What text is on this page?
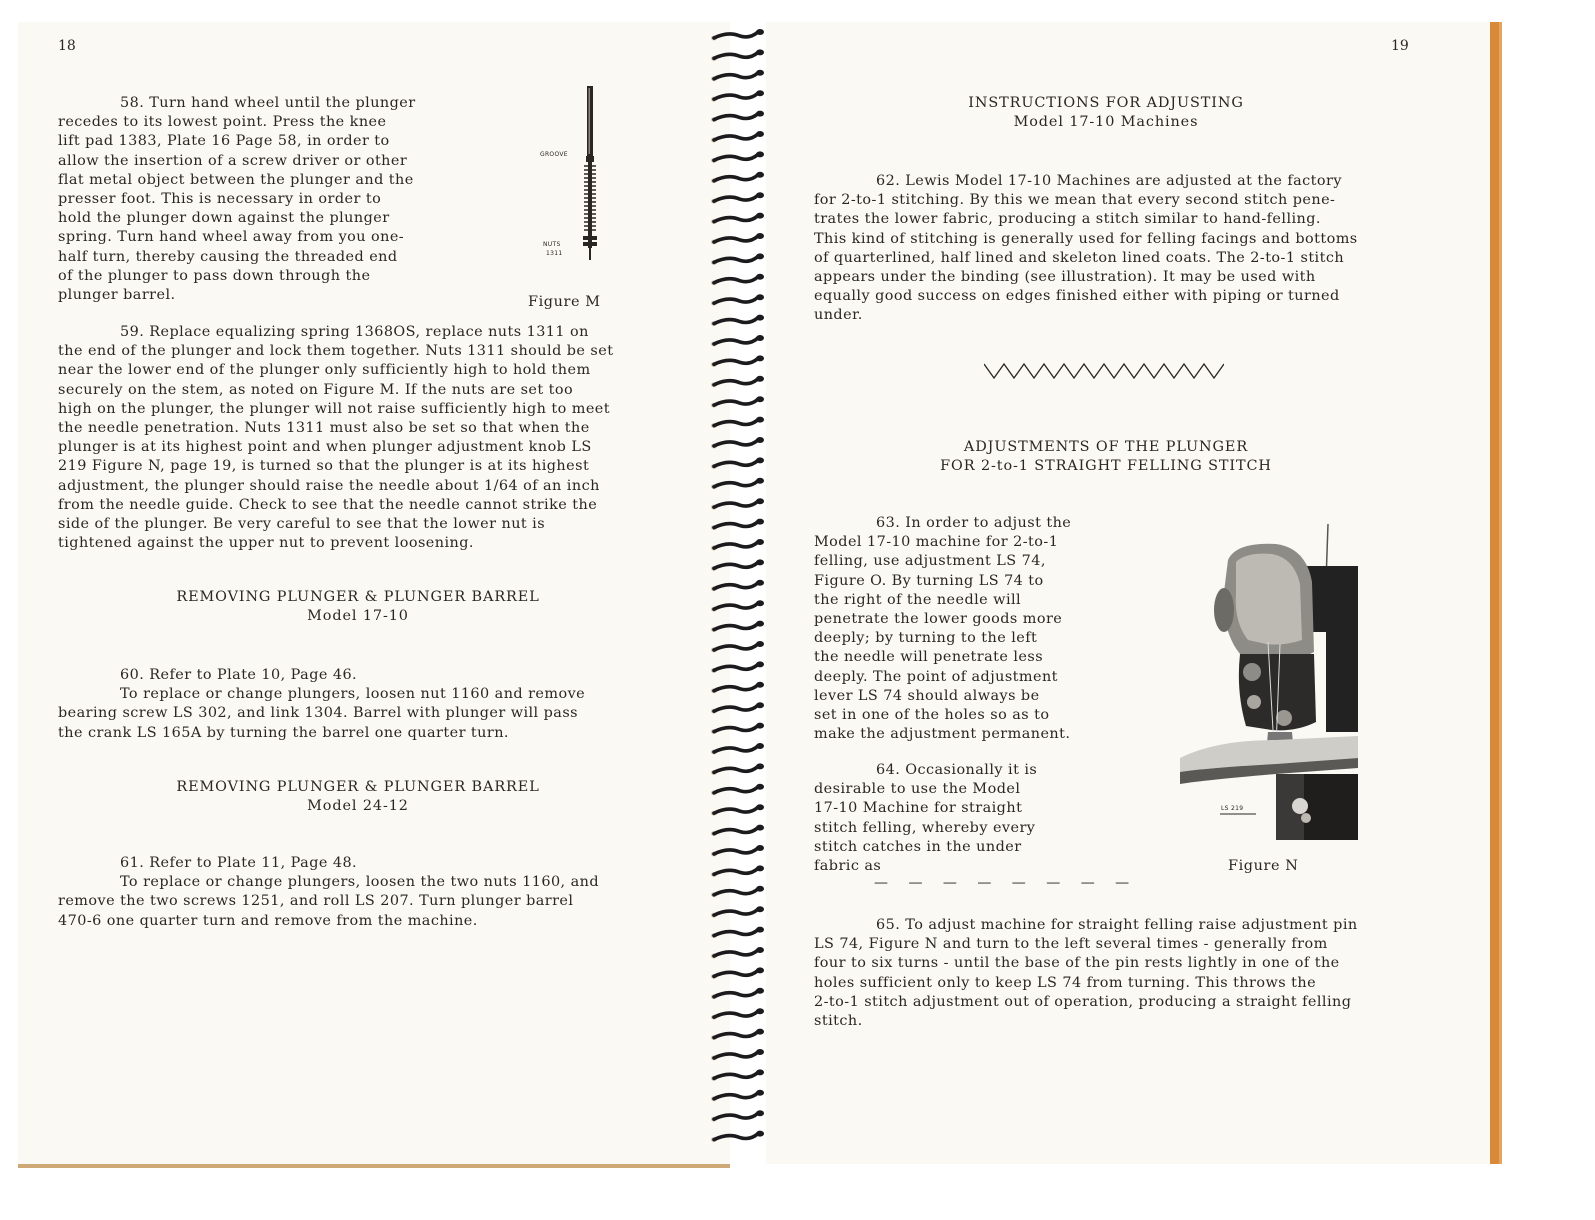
18

58. Turn hand wheel until the plunger

recedes to its lowest point. Press the knee

lift pad 1383, Plate 16 Page 58, in order to

allow the insertion of a screw driver or other

flat metal object between the plunger and the

presser foot. This is necessary in order to

hold the plunger down against the plunger

spring. Turn hand wheel away from you one-

half turn, thereby causing the threaded end

of the plunger to pass down through the

plunger barrel.

GROOVE
NUTS
1311
Figure M

59. Replace equalizing spring 1368OS, replace nuts 1311 on

the end of the plunger and lock them together. Nuts 1311 should be set

near the lower end of the plunger only sufficiently high to hold them

securely on the stem, as noted on Figure M. If the nuts are set too

high on the plunger, the plunger will not raise sufficiently high to meet

the needle penetration. Nuts 1311 must also be set so that when the

plunger is at its highest point and when plunger adjustment knob LS

219 Figure N, page 19, is turned so that the plunger is at its highest

adjustment, the plunger should raise the needle about 1/64 of an inch

from the needle guide. Check to see that the needle cannot strike the

side of the plunger. Be very careful to see that the lower nut is

tightened against the upper nut to prevent loosening.

REMOVING PLUNGER & PLUNGER BARREL
Model 17-10

60. Refer to Plate 10, Page 46.

To replace or change plungers, loosen nut 1160 and remove

bearing screw LS 302, and link 1304. Barrel with plunger will pass

the crank LS 165A by turning the barrel one quarter turn.

REMOVING PLUNGER & PLUNGER BARREL
Model 24-12

61. Refer to Plate 11, Page 48.

To replace or change plungers, loosen the two nuts 1160, and

remove the two screws 1251, and roll LS 207. Turn plunger barrel

470-6 one quarter turn and remove from the machine.

19
INSTRUCTIONS FOR ADJUSTING
Model 17-10 Machines

62. Lewis Model 17-10 Machines are adjusted at the factory

for 2-to-1 stitching. By this we mean that every second stitch pene-

trates the lower fabric, producing a stitch similar to hand-felling.

This kind of stitching is generally used for felling facings and bottoms

of quarterlined, half lined and skeleton lined coats. The 2-to-1 stitch

appears under the binding (see illustration). It may be used with

equally good success on edges finished either with piping or turned

under.

ADJUSTMENTS OF THE PLUNGER
FOR 2-to-1 STRAIGHT FELLING STITCH

63. In order to adjust the

Model 17-10 machine for 2-to-1

felling, use adjustment LS 74,

Figure O. By turning LS 74 to

the right of the needle will

penetrate the lower goods more

deeply; by turning to the left

the needle will penetrate less

deeply. The point of adjustment

lever LS 74 should always be

set in one of the holes so as to

make the adjustment permanent.

64. Occasionally it is

desirable to use the Model

17-10 Machine for straight

stitch felling, whereby every

stitch catches in the under

fabric as

— — — — — — — —
LS 219
Figure N

65. To adjust machine for straight felling raise adjustment pin

LS 74, Figure N and turn to the left several times - generally from

four to six turns - until the base of the pin rests lightly in one of the

holes sufficient only to keep LS 74 from turning. This throws the

2-to-1 stitch adjustment out of operation, producing a straight felling

stitch.
